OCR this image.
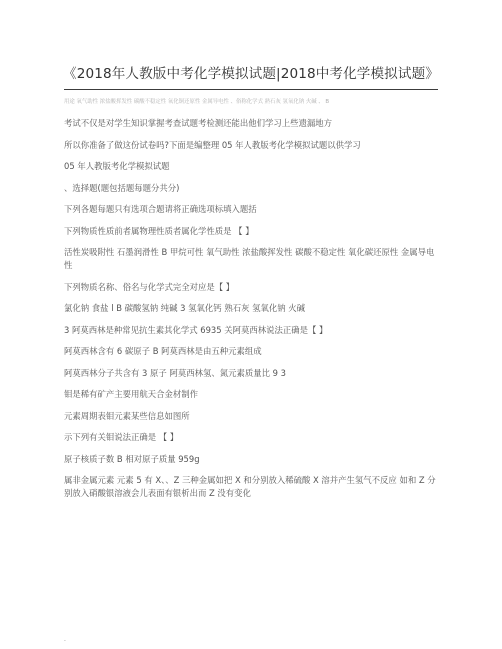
《2018年人教版中考化学模拟试题|2018中考化学模拟试题》
用途 氧气助性 浓盐酸挥发性 碳酸不稳定性 氧化铜还原性 金属导电性 、俗称化学式 熟石灰 氢氧化钠 火碱 、 B

考试不仅是对学生知识掌握考查试题考检测还能出他们学习上些遗漏地方

所以你准备了做这份试卷吗?下面是编整理 05 年人教版考化学模拟试题以供学习

05 年人教版考化学模拟试题

、选择题(题包括题每题分共分)

下列各题每题只有选项合题请将正确选项标填入题括

下列物质性质前者属物理性质者属化学性质是 【 】

活性炭吸附性 石墨润滑性 B 甲烷可性 氧气助性 浓盐酸挥发性 碳酸不稳定性 氧化碳还原性 金属导电性

下列物质名称、俗名与化学式完全对应是【 】

氯化钠 食盐 l B 碳酸氢钠 纯碱 3 氢氧化钙 熟石灰 氢氧化钠 火碱

3 阿莫西林是种常见抗生素其化学式 6935 关阿莫西林说法正确是【 】

阿莫西林含有 6 碳原子 B 阿莫西林是由五种元素组成

阿莫西林分子共含有 3 原子 阿莫西林氢、氮元素质量比 9 3

钼是稀有矿产主要用航天合金材制作

元素周期表钼元素某些信息如图所

示下列有关钼说法正确是 【 】

原子核质子数 B 相对原子质量 959g

属非金属元素 元素 5 有 X、、Z 三种金属如把 X 和分别放入稀硫酸 X 溶并产生氢气不反应 如和 Z 分别放入硝酸银溶液会儿表面有银析出而 Z 没有变化

.
